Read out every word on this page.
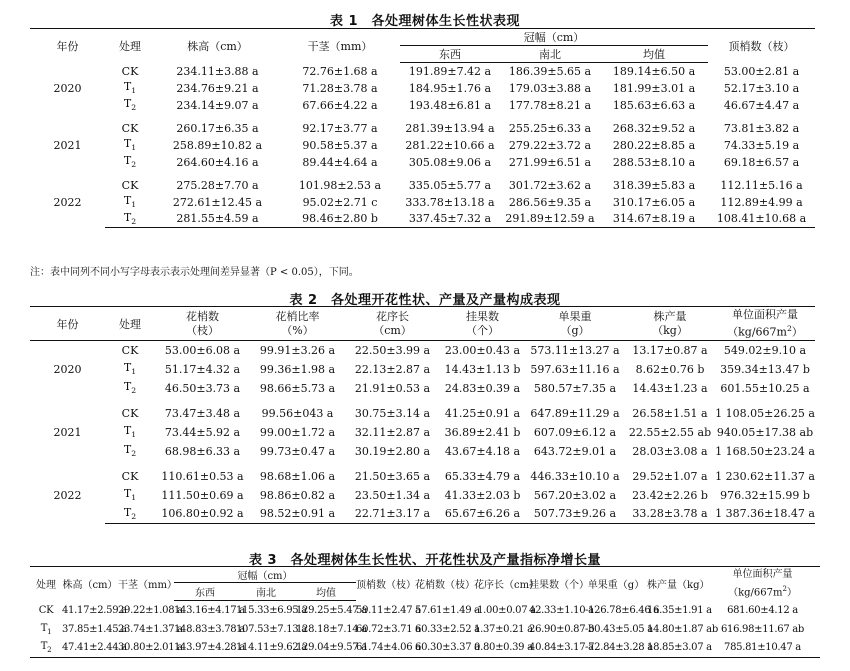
表 1　各处理树体生长性状表现
年份	处理	株高（cm）	干茎（mm）	冠幅（cm）			顶梢数（枝）
				东西	南北	均值	
2020	CK	234.11±3.88 a	72.76±1.68 a	191.89±7.42 a	186.39±5.65 a	189.14±6.50 a	53.00±2.81 a
	$T_1$	234.76±9.21 a	71.28±3.78 a	184.95±1.76 a	179.03±3.88 a	181.99±3.01 a	52.17±3.10 a
	$T_2$	234.14±9.07 a	67.66±4.22 a	193.48±6.81 a	177.78±8.21 a	185.63±6.63 a	46.67±4.47 a

2021	CK	260.17±6.35 a	92.17±3.77 a	281.39±13.94 a	255.25±6.33 a	268.32±9.52 a	73.81±3.82 a
	$T_1$	258.89±10.82 a	90.58±5.37 a	281.22±10.66 a	279.22±3.72 a	280.22±8.85 a	74.33±5.19 a
	$T_2$	264.60±4.16 a	89.44±4.64 a	305.08±9.06 a	271.99±6.51 a	288.53±8.10 a	69.18±6.57 a

2022	CK	275.28±7.70 a	101.98±2.53 a	335.05±5.77 a	301.72±3.62 a	318.39±5.83 a	112.11±5.16 a
	$T_1$	272.61±12.45 a	95.02±2.71 c	333.78±13.18 a	286.56±9.35 a	310.17±6.05 a	112.89±4.99 a
	$T_2$	281.55±4.59 a	98.46±2.80 b	337.45±7.32 a	291.89±12.59 a	314.67±8.19 a	108.41±10.68 a
注：表中同列不同小写字母表示表示处理间差异显著（P < 0.05），下同。
表 2　各处理开花性状、产量及产量构成表现
年份	处理	花梢数
（枝）	花梢比率
（%）	花序长
（cm）	挂果数
（个）	单果重
（g）	株产量
（kg）	单位面积产量
$(kg/667m^2)$
2020	CK	53.00±6.08 a	99.91±3.26 a	22.50±3.99 a	23.00±0.43 a	573.11±13.27 a	13.17±0.87 a	549.02±9.10 a
	$T_1$	51.17±4.32 a	99.36±1.98 a	22.13±2.87 a	14.43±1.13 b	597.63±11.16 a	8.62±0.76 b	359.34±13.47 b
	$T_2$	46.50±3.73 a	98.66±5.73 a	21.91±0.53 a	24.83±0.39 a	580.57±7.35 a	14.43±1.23 a	601.55±10.25 a

2021	CK	73.47±3.48 a	99.56±043 a	30.75±3.14 a	41.25±0.91 a	647.89±11.29 a	26.58±1.51 a	1 108.05±26.25 a
	$T_1$	73.44±5.92 a	99.00±1.72 a	32.11±2.87 a	36.89±2.41 b	607.09±6.12 a	22.55±2.55 ab	940.05±17.38 ab
	$T_2$	68.98±6.33 a	99.73±0.47 a	30.19±2.80 a	43.67±4.18 a	643.72±9.01 a	28.03±3.08 a	1 168.50±23.24 a

2022	CK	110.61±0.53 a	98.68±1.06 a	21.50±3.65 a	65.33±4.79 a	446.33±10.10 a	29.52±1.07 a	1 230.62±11.37 a
	$T_1$	111.50±0.69 a	98.86±0.82 a	23.50±1.34 a	41.33±2.03 b	567.20±3.02 a	23.42±2.26 b	976.32±15.99 b
	$T_2$	106.80±0.92 a	98.52±0.91 a	22.71±3.17 a	65.67±6.26 a	507.73±9.26 a	33.28±3.78 a	1 387.36±18.47 a
表 3　各处理树体生长性状、开花性状及产量指标净增长量
处理	株高（cm）	干茎（mm）	冠幅（cm）			顶梢数（枝）	花梢数（枝）	花序长（cm）	挂果数（个）	单果重（g）	株产量（kg）	单位面积产量
$(kg/667m^2)$
			东西	南北	均值							
CK	41.17±2.59 a	29.22±1.08 a	143.16±4.17 a	115.33±6.95 a	129.25±5.47 a	59.11±2.47 a	57.61±1.49 a	-1.00±0.07 a	42.33±1.10 a	-126.78±6.46 a	16.35±1.91 a	681.60±4.12 a
$T_1$	37.85±1.45 a	23.74±1.37 a	148.83±3.78 a	107.53±7.13 a	128.18±7.14 a	60.72±3.71 a	60.33±2.52 a	1.37±0.21 a	26.90±0.87 b	-30.43±5.05 a	14.80±1.87 ab	616.98±11.67 ab
$T_2$	47.41±2.44 a	30.80±2.01 a	143.97±4.28 a	114.11±9.62 a	129.04±9.57 a	61.74±4.06 a	60.30±3.37 a	0.80±0.39 a	40.84±3.17 a	-72.84±3.28 a	18.85±3.07 a	785.81±10.47 a
